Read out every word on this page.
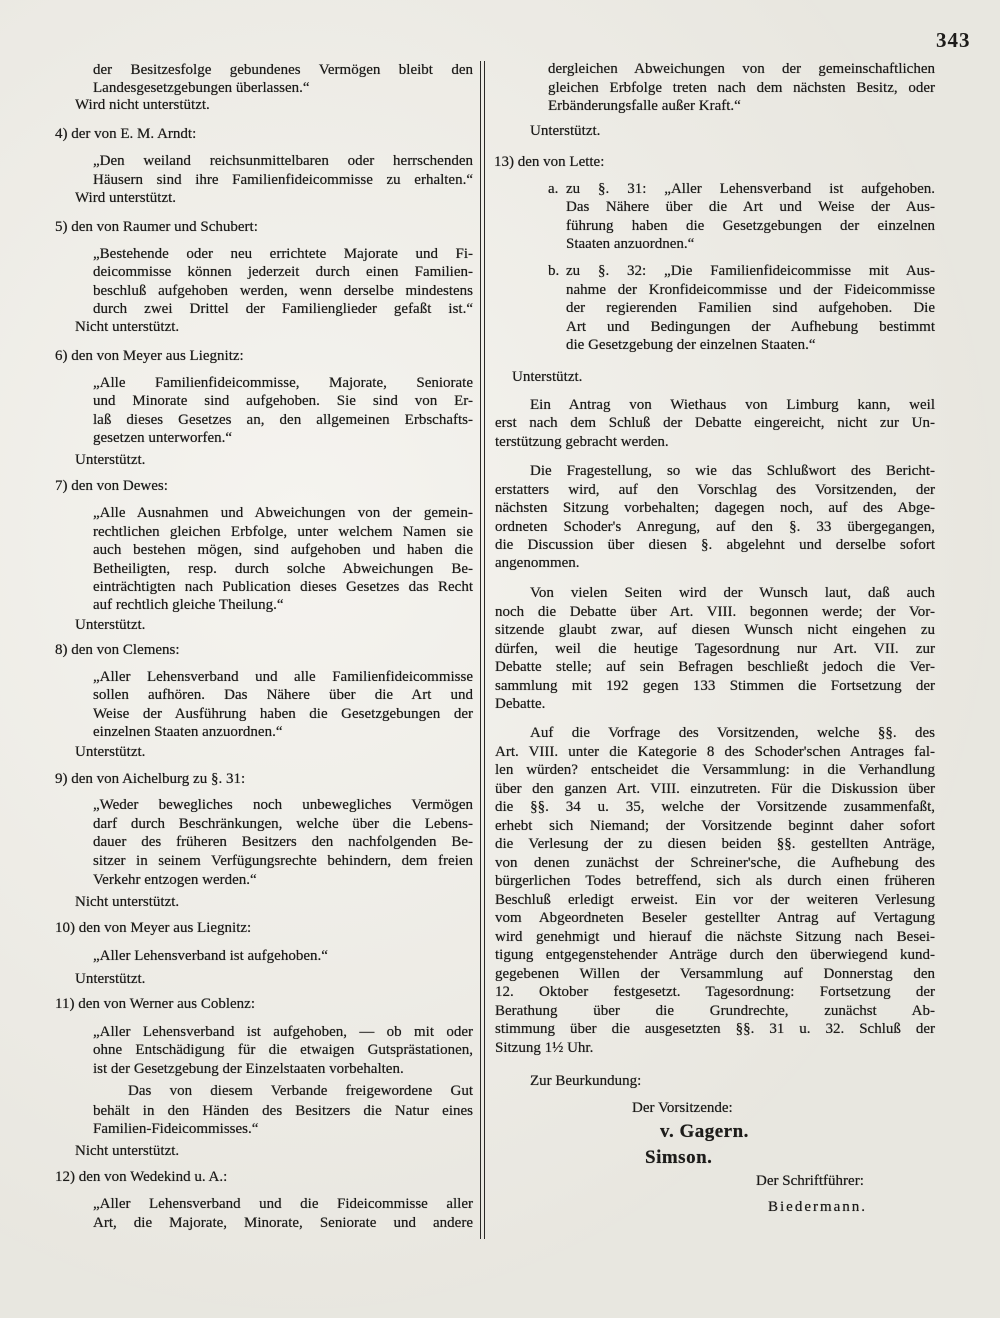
343
der Besitzesfolge gebundenes Vermögen bleibt den
Landesgesetzgebungen überlassen.“
Wird nicht unterstützt.
4) der von E. M. Arndt:
„Den weiland reichsunmittelbaren oder herrschenden
Häusern sind ihre Familienfideicommisse zu erhalten.“
Wird unterstützt.
5) den von Raumer und Schubert:
„Bestehende oder neu errichtete Majorate und Fi-
deicommisse können jederzeit durch einen Familien-
beschluß aufgehoben werden, wenn derselbe mindestens
durch zwei Drittel der Familienglieder gefaßt ist.“
Nicht unterstützt.
6) den von Meyer aus Liegnitz:
„Alle Familienfideicommisse, Majorate, Seniorate
und Minorate sind aufgehoben. Sie sind von Er-
laß dieses Gesetzes an, den allgemeinen Erbschafts-
gesetzen unterworfen.“
Unterstützt.
7) den von Dewes:
„Alle Ausnahmen und Abweichungen von der gemein-
rechtlichen gleichen Erbfolge, unter welchem Namen sie
auch bestehen mögen, sind aufgehoben und haben die
Betheiligten, resp. durch solche Abweichungen Be-
einträchtigten nach Publication dieses Gesetzes das Recht
auf rechtlich gleiche Theilung.“
Unterstützt.
8) den von Clemens:
„Aller Lehensverband und alle Familienfideicommisse
sollen aufhören. Das Nähere über die Art und
Weise der Ausführung haben die Gesetzgebungen der
einzelnen Staaten anzuordnen.“
Unterstützt.
9) den von Aichelburg zu §. 31:
„Weder bewegliches noch unbewegliches Vermögen
darf durch Beschränkungen, welche über die Lebens-
dauer des früheren Besitzers den nachfolgenden Be-
sitzer in seinem Verfügungsrechte behindern, dem freien
Verkehr entzogen werden.“
Nicht unterstützt.
10) den von Meyer aus Liegnitz:
„Aller Lehensverband ist aufgehoben.“
Unterstützt.
11) den von Werner aus Coblenz:
„Aller Lehensverband ist aufgehoben, — ob mit oder
ohne Entschädigung für die etwaigen Gutsprästationen,
ist der Gesetzgebung der Einzelstaaten vorbehalten.
Das von diesem Verbande freigewordene Gut
behält in den Händen des Besitzers die Natur eines
Familien-Fideicommisses.“
Nicht unterstützt.
12) den von Wedekind u. A.:
„Aller Lehensverband und die Fideicommisse aller
Art, die Majorate, Minorate, Seniorate und andere
dergleichen Abweichungen von der gemeinschaftlichen
gleichen Erbfolge treten nach dem nächsten Besitz, oder
Erbänderungsfalle außer Kraft.“
Unterstützt.
13) den von Lette:
a. zu §. 31: „Aller Lehensverband ist aufgehoben.
Das Nähere über die Art und Weise der Aus-
führung haben die Gesetzgebungen der einzelnen
Staaten anzuordnen.“
b. zu §. 32: „Die Familienfideicommisse mit Aus-
nahme der Kronfideicommisse und der Fideicommisse
der regierenden Familien sind aufgehoben. Die
Art und Bedingungen der Aufhebung bestimmt
die Gesetzgebung der einzelnen Staaten.“
Unterstützt.
Ein Antrag von Wiethaus von Limburg kann, weil
erst nach dem Schluß der Debatte eingereicht, nicht zur Un-
terstützung gebracht werden.
Die Fragestellung, so wie das Schlußwort des Bericht-
erstatters wird, auf den Vorschlag des Vorsitzenden, der
nächsten Sitzung vorbehalten; dagegen noch, auf des Abge-
ordneten Schoder's Anregung, auf den §. 33 übergegangen,
die Discussion über diesen §. abgelehnt und derselbe sofort
angenommen.
Von vielen Seiten wird der Wunsch laut, daß auch
noch die Debatte über Art. VIII. begonnen werde; der Vor-
sitzende glaubt zwar, auf diesen Wunsch nicht eingehen zu
dürfen, weil die heutige Tagesordnung nur Art. VII. zur
Debatte stelle; auf sein Befragen beschließt jedoch die Ver-
sammlung mit 192 gegen 133 Stimmen die Fortsetzung der
Debatte.
Auf die Vorfrage des Vorsitzenden, welche §§. des
Art. VIII. unter die Kategorie 8 des Schoder'schen Antrages fal-
len würden? entscheidet die Versammlung: in die Verhandlung
über den ganzen Art. VIII. einzutreten. Für die Diskussion über
die §§. 34 u. 35, welche der Vorsitzende zusammenfaßt,
erhebt sich Niemand; der Vorsitzende beginnt daher sofort
die Verlesung der zu diesen beiden §§. gestellten Anträge,
von denen zunächst der Schreiner'sche, die Aufhebung des
bürgerlichen Todes betreffend, sich als durch einen früheren
Beschluß erledigt erweist. Ein vor der weiteren Verlesung
vom Abgeordneten Beseler gestellter Antrag auf Vertagung
wird genehmigt und hierauf die nächste Sitzung nach Besei-
tigung entgegenstehender Anträge durch den überwiegend kund-
gegebenen Willen der Versammlung auf Donnerstag den
12. Oktober festgesetzt. Tagesordnung: Fortsetzung der
Berathung über die Grundrechte, zunächst Ab-
stimmung über die ausgesetzten §§. 31 u. 32. Schluß der
Sitzung 1½ Uhr.
Zur Beurkundung:
Der Vorsitzende:
v. Gagern.
Simson.
Der Schriftführer:
Biedermann.
